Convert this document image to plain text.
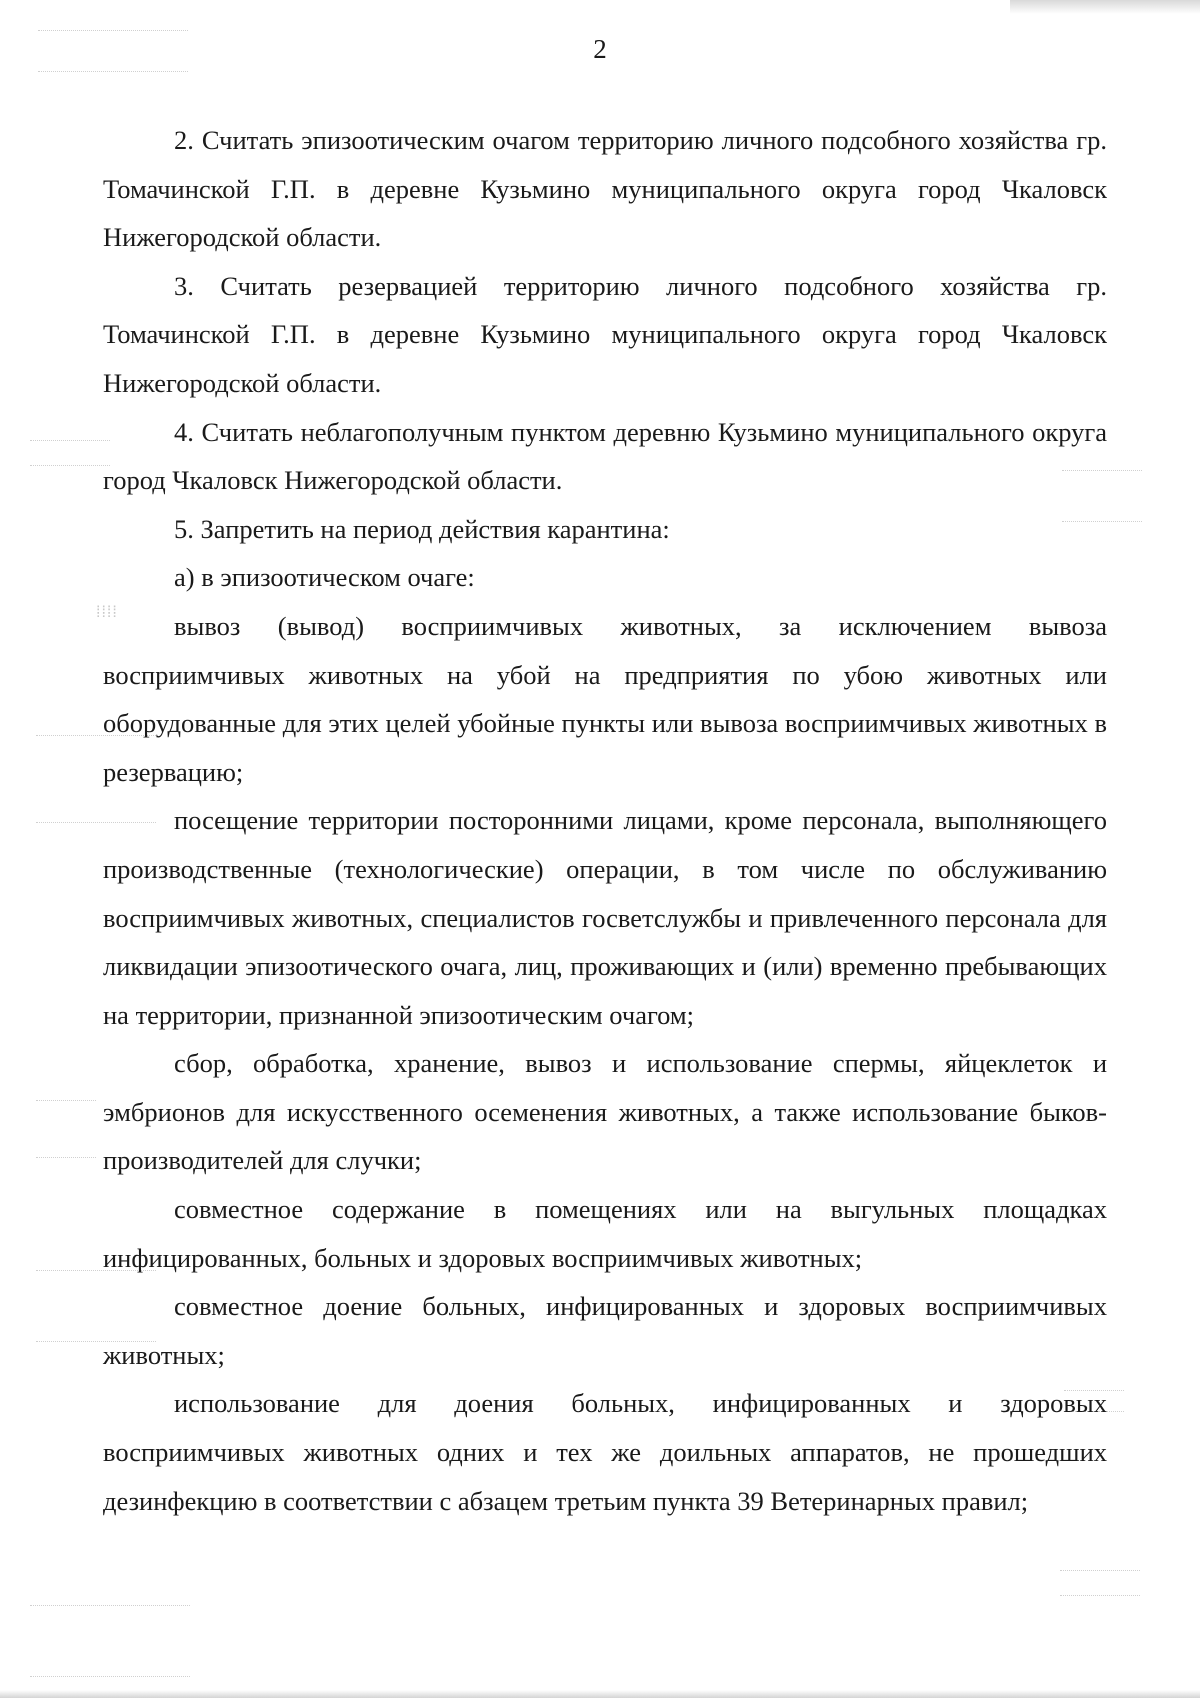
⁞⁞⁞⁞
2

2. Считать эпизоотическим очагом территорию личного подсобного хозяйства гр. Томачинской Г.П. в деревне Кузьмино муниципального округа город Чкаловск Нижегородской области.

3. Считать резервацией территорию личного подсобного хозяйства гр. Томачинской Г.П. в деревне Кузьмино муниципального округа город Чкаловск Нижегородской области.

4. Считать неблагополучным пунктом деревню Кузьмино муниципального округа город Чкаловск Нижегородской области.

5. Запретить на период действия карантина:

а) в эпизоотическом очаге:

вывоз (вывод) восприимчивых животных, за исключением вывоза восприимчивых животных на убой на предприятия по убою животных или оборудованные для этих целей убойные пункты или вывоза восприимчивых животных в резервацию;

посещение территории посторонними лицами, кроме персонала, выполняющего производственные (технологические) операции, в том числе по обслуживанию восприимчивых животных, специалистов госветслужбы и привлеченного персонала для ликвидации эпизоотического очага, лиц, проживающих и (или) временно пребывающих на территории, признанной эпизоотическим очагом;

сбор, обработка, хранение, вывоз и использование спермы, яйцеклеток и эмбрионов для искусственного осеменения животных, а также использование быков-производителей для случки;

совместное содержание в помещениях или на выгульных площадках инфицированных, больных и здоровых восприимчивых животных;

совместное доение больных, инфицированных и здоровых восприимчивых животных;

использование для доения больных, инфицированных и здоровых восприимчивых животных одних и тех же доильных аппаратов, не прошедших дезинфекцию в соответствии с абзацем третьим пункта 39 Ветеринарных правил;
